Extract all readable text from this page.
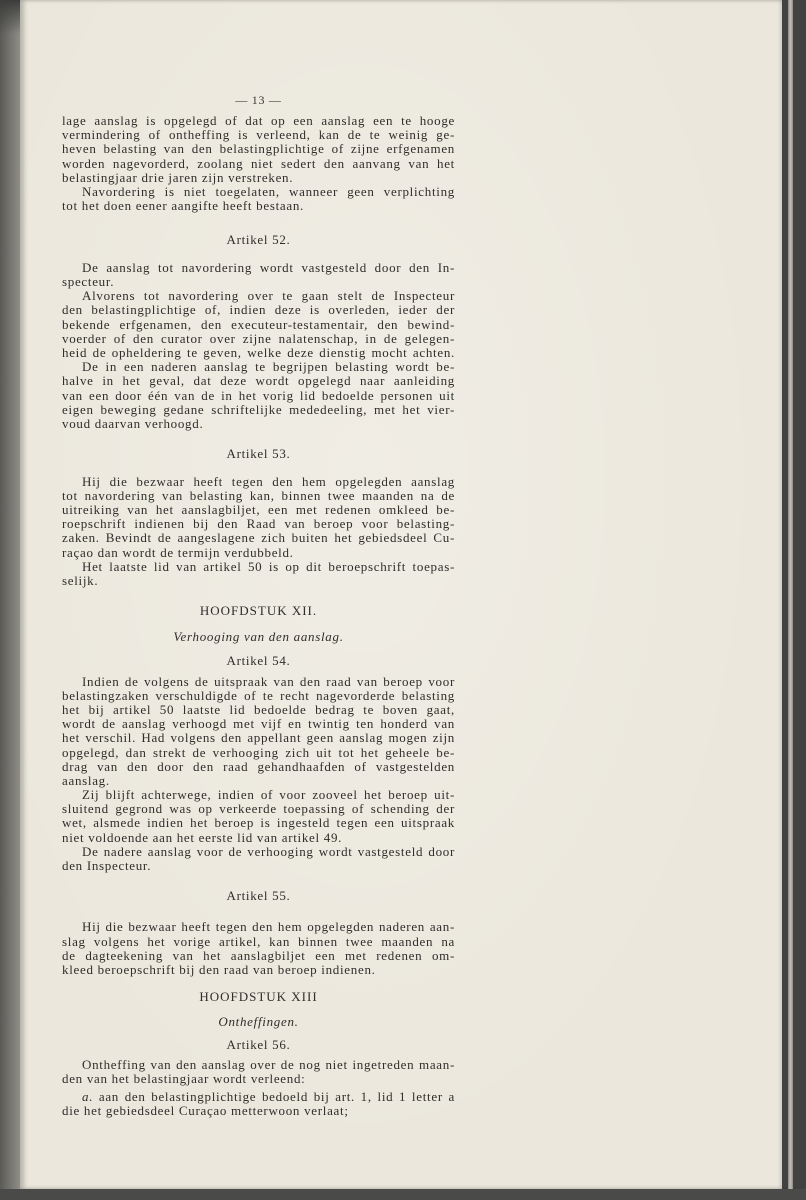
— 13 —
lage aanslag is opgelegd of dat op een aanslag een te hooge
vermindering of ontheffing is verleend, kan de te weinig ge-
heven belasting van den belastingplichtige of zijne erfgenamen
worden nagevorderd, zoolang niet sedert den aanvang van het
belastingjaar drie jaren zijn verstreken.
Navordering is niet toegelaten, wanneer geen verplichting
tot het doen eener aangifte heeft bestaan.
Artikel 52.
De aanslag tot navordering wordt vastgesteld door den In-
specteur.
Alvorens tot navordering over te gaan stelt de Inspecteur
den belastingplichtige of, indien deze is overleden, ieder der
bekende erfgenamen, den executeur-testamentair, den bewind-
voerder of den curator over zijne nalatenschap, in de gelegen-
heid de opheldering te geven, welke deze dienstig mocht achten.
De in een naderen aanslag te begrijpen belasting wordt be-
halve in het geval, dat deze wordt opgelegd naar aanleiding
van een door één van de in het vorig lid bedoelde personen uit
eigen beweging gedane schriftelijke mededeeling, met het vier-
voud daarvan verhoogd.
Artikel 53.
Hij die bezwaar heeft tegen den hem opgelegden aanslag
tot navordering van belasting kan, binnen twee maanden na de
uitreiking van het aanslagbiljet, een met redenen omkleed be-
roepschrift indienen bij den Raad van beroep voor belasting-
zaken. Bevindt de aangeslagene zich buiten het gebiedsdeel Cu-
raçao dan wordt de termijn verdubbeld.
Het laatste lid van artikel 50 is op dit beroepschrift toepas-
selijk.
HOOFDSTUK XII.
Verhooging van den aanslag.
Artikel 54.
Indien de volgens de uitspraak van den raad van beroep voor
belastingzaken verschuldigde of te recht nagevorderde belasting
het bij artikel 50 laatste lid bedoelde bedrag te boven gaat,
wordt de aanslag verhoogd met vijf en twintig ten honderd van
het verschil. Had volgens den appellant geen aanslag mogen zijn
opgelegd, dan strekt de verhooging zich uit tot het geheele be-
drag van den door den raad gehandhaafden of vastgestelden
aanslag.
Zij blijft achterwege, indien of voor zooveel het beroep uit-
sluitend gegrond was op verkeerde toepassing of schending der
wet, alsmede indien het beroep is ingesteld tegen een uitspraak
niet voldoende aan het eerste lid van artikel 49.
De nadere aanslag voor de verhooging wordt vastgesteld door
den Inspecteur.
Artikel 55.
Hij die bezwaar heeft tegen den hem opgelegden naderen aan-
slag volgens het vorige artikel, kan binnen twee maanden na
de dagteekening van het aanslagbiljet een met redenen om-
kleed beroepschrift bij den raad van beroep indienen.
HOOFDSTUK XIII
Ontheffingen.
Artikel 56.
Ontheffing van den aanslag over de nog niet ingetreden maan-
den van het belastingjaar wordt verleend:
a. aan den belastingplichtige bedoeld bij art. 1, lid 1 letter a
die het gebiedsdeel Curaçao metterwoon verlaat;
